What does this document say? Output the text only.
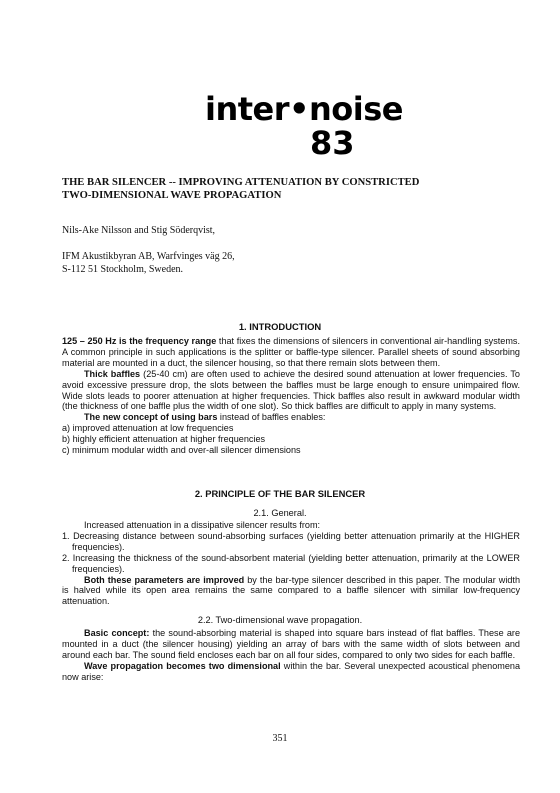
inter•noise
83
THE BAR SILENCER -- IMPROVING ATTENUATION BY CONSTRICTED
TWO-DIMENSIONAL WAVE PROPAGATION
Nils-Ake Nilsson and Stig Söderqvist,
IFM Akustikbyran AB, Warfvinges väg 26,
S-112 51 Stockholm, Sweden.
1. INTRODUCTION
125 – 250 Hz is the frequency range that fixes the dimensions of silencers in conventional air-handling systems. A common principle in such applications is the splitter or baffle-type silencer. Parallel sheets of sound absorbing material are mounted in a duct, the silencer housing, so that there remain slots between them.
Thick baffles (25-40 cm) are often used to achieve the desired sound attenuation at lower frequencies. To avoid excessive pressure drop, the slots between the baffles must be large enough to ensure unimpaired flow. Wide slots leads to poorer attenuation at higher frequencies. Thick baffles also result in awkward modular width (the thickness of one baffle plus the width of one slot). So thick baffles are difficult to apply in many systems.
The new concept of using bars instead of baffles enables:
a) improved attenuation at low frequencies
b) highly efficient attenuation at higher frequencies
c) minimum modular width and over-all silencer dimensions
2. PRINCIPLE OF THE BAR SILENCER
2.1. General.
Increased attenuation in a dissipative silencer results from:
1. Decreasing distance between sound-absorbing surfaces (yielding better attenuation primarily at the HIGHER frequencies).
2. Increasing the thickness of the sound-absorbent material (yielding better attenuation, primarily at the LOWER frequencies).
Both these parameters are improved by the bar-type silencer described in this paper. The modular width is halved while its open area remains the same compared to a baffle silencer with similar low-frequency attenuation.
2.2. Two-dimensional wave propagation.
Basic concept: the sound-absorbing material is shaped into square bars instead of flat baffles. These are mounted in a duct (the silencer housing) yielding an array of bars with the same width of slots between and around each bar. The sound field encloses each bar on all four sides, compared to only two sides for each baffle.
Wave propagation becomes two dimensional within the bar. Several unexpected acoustical phenomena now arise:
351
